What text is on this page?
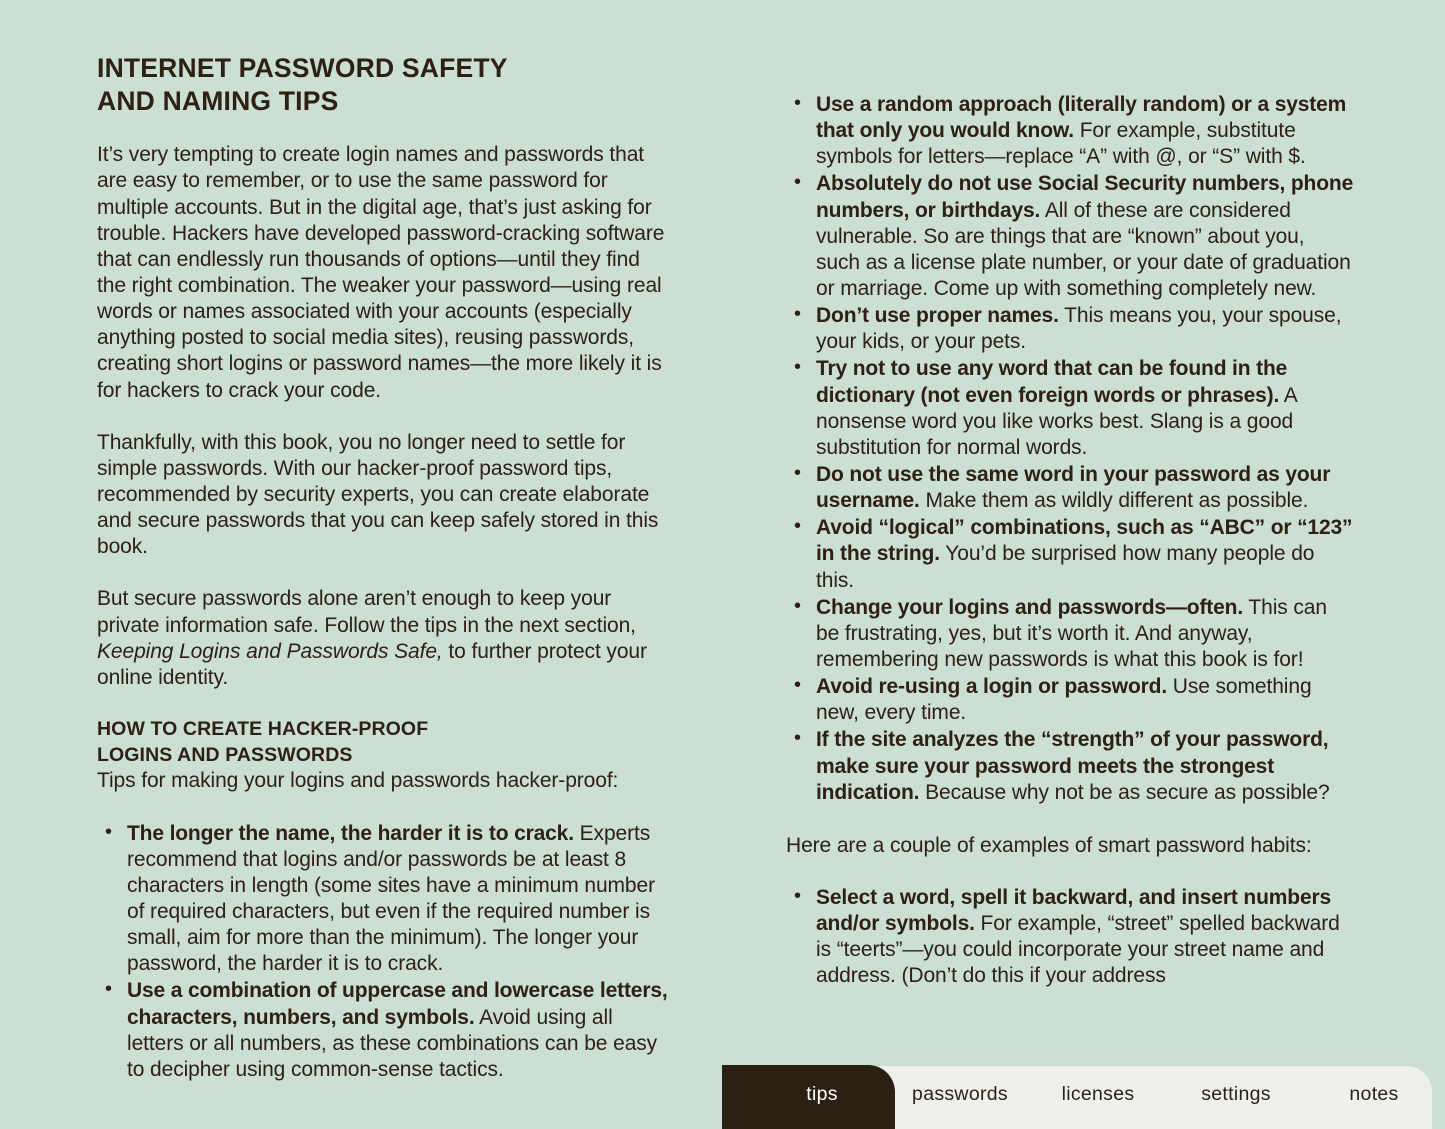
INTERNET PASSWORD SAFETY
AND NAMING TIPS

It’s very tempting to create login names and passwords that are easy to remember, or to use the same password for multiple accounts. But in the digital age, that’s just asking for trouble. Hackers have developed password-cracking software that can endlessly run thousands of options—until they find the right combination. The weaker your password—using real words or names associated with your accounts (especially anything posted to social media sites), reusing passwords, creating short logins or password names—the more likely it is for hackers to crack your code.

Thankfully, with this book, you no longer need to settle for simple passwords. With our hacker-proof password tips, recommended by security experts, you can create elaborate and secure passwords that you can keep safely stored in this book.

But secure passwords alone aren’t enough to keep your private information safe. Follow the tips in the next section, Keeping Logins and Passwords Safe, to further protect your online identity.

HOW TO CREATE HACKER-PROOF
LOGINS AND PASSWORDS

Tips for making your logins and passwords hacker-proof:

• The longer the name, the harder it is to crack. Experts recommend that logins and/or passwords be at least 8 characters in length (some sites have a minimum number of required characters, but even if the required number is small, aim for more than the minimum). The longer your password, the harder it is to crack.
• Use a combination of uppercase and lowercase letters, characters, numbers, and symbols. Avoid using all letters or all numbers, as these combinations can be easy to decipher using common-sense tactics.
• Use a random approach (literally random) or a system that only you would know. For example, substitute symbols for letters—replace “A” with @, or “S” with $.
• Absolutely do not use Social Security numbers, phone numbers, or birthdays. All of these are considered vulnerable. So are things that are “known” about you, such as a license plate number, or your date of graduation or marriage. Come up with something completely new.
• Don’t use proper names. This means you, your spouse, your kids, or your pets.
• Try not to use any word that can be found in the dictionary (not even foreign words or phrases). A nonsense word you like works best. Slang is a good substitution for normal words.
• Do not use the same word in your password as your username. Make them as wildly different as possible.
• Avoid “logical” combinations, such as “ABC” or “123” in the string. You’d be surprised how many people do this.
• Change your logins and passwords—often. This can be frustrating, yes, but it’s worth it. And anyway, remembering new passwords is what this book is for!
• Avoid re-using a login or password. Use something new, every time.
• If the site analyzes the “strength” of your password, make sure your password meets the strongest indication. Because why not be as secure as possible?

Here are a couple of examples of smart password habits:

• Select a word, spell it backward, and insert numbers and/or symbols. For example, “street” spelled backward is “teerts”—you could incorporate your street name and address. (Don’t do this if your address
tips	passwords	licenses	settings	notes
